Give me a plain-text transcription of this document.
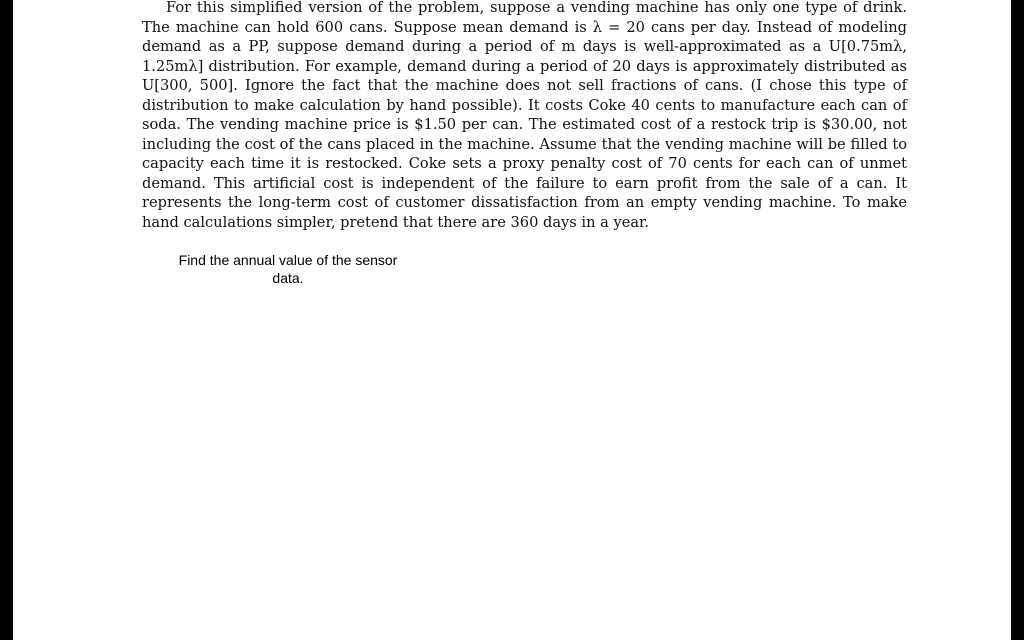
For this simplified version of the problem, suppose a vending machine has only one type of drink. The machine can hold 600 cans. Suppose mean demand is λ = 20 cans per day. Instead of modeling demand as a PP, suppose demand during a period of m days is well-approximated as a U[0.75mλ, 1.25mλ] distribution. For example, demand during a period of 20 days is approximately distributed as U[300, 500]. Ignore the fact that the machine does not sell fractions of cans. (I chose this type of distribution to make calculation by hand possible). It costs Coke 40 cents to manufacture each can of soda. The vending machine price is $1.50 per can. The estimated cost of a restock trip is $30.00, not including the cost of the cans placed in the machine. Assume that the vending machine will be filled to capacity each time it is restocked. Coke sets a proxy penalty cost of 70 cents for each can of unmet demand. This artificial cost is independent of the failure to earn profit from the sale of a can. It represents the long-term cost of customer dissatisfaction from an empty vending machine. To make hand calculations simpler, pretend that there are 360 days in a year.

Find the annual value of the sensor data.
